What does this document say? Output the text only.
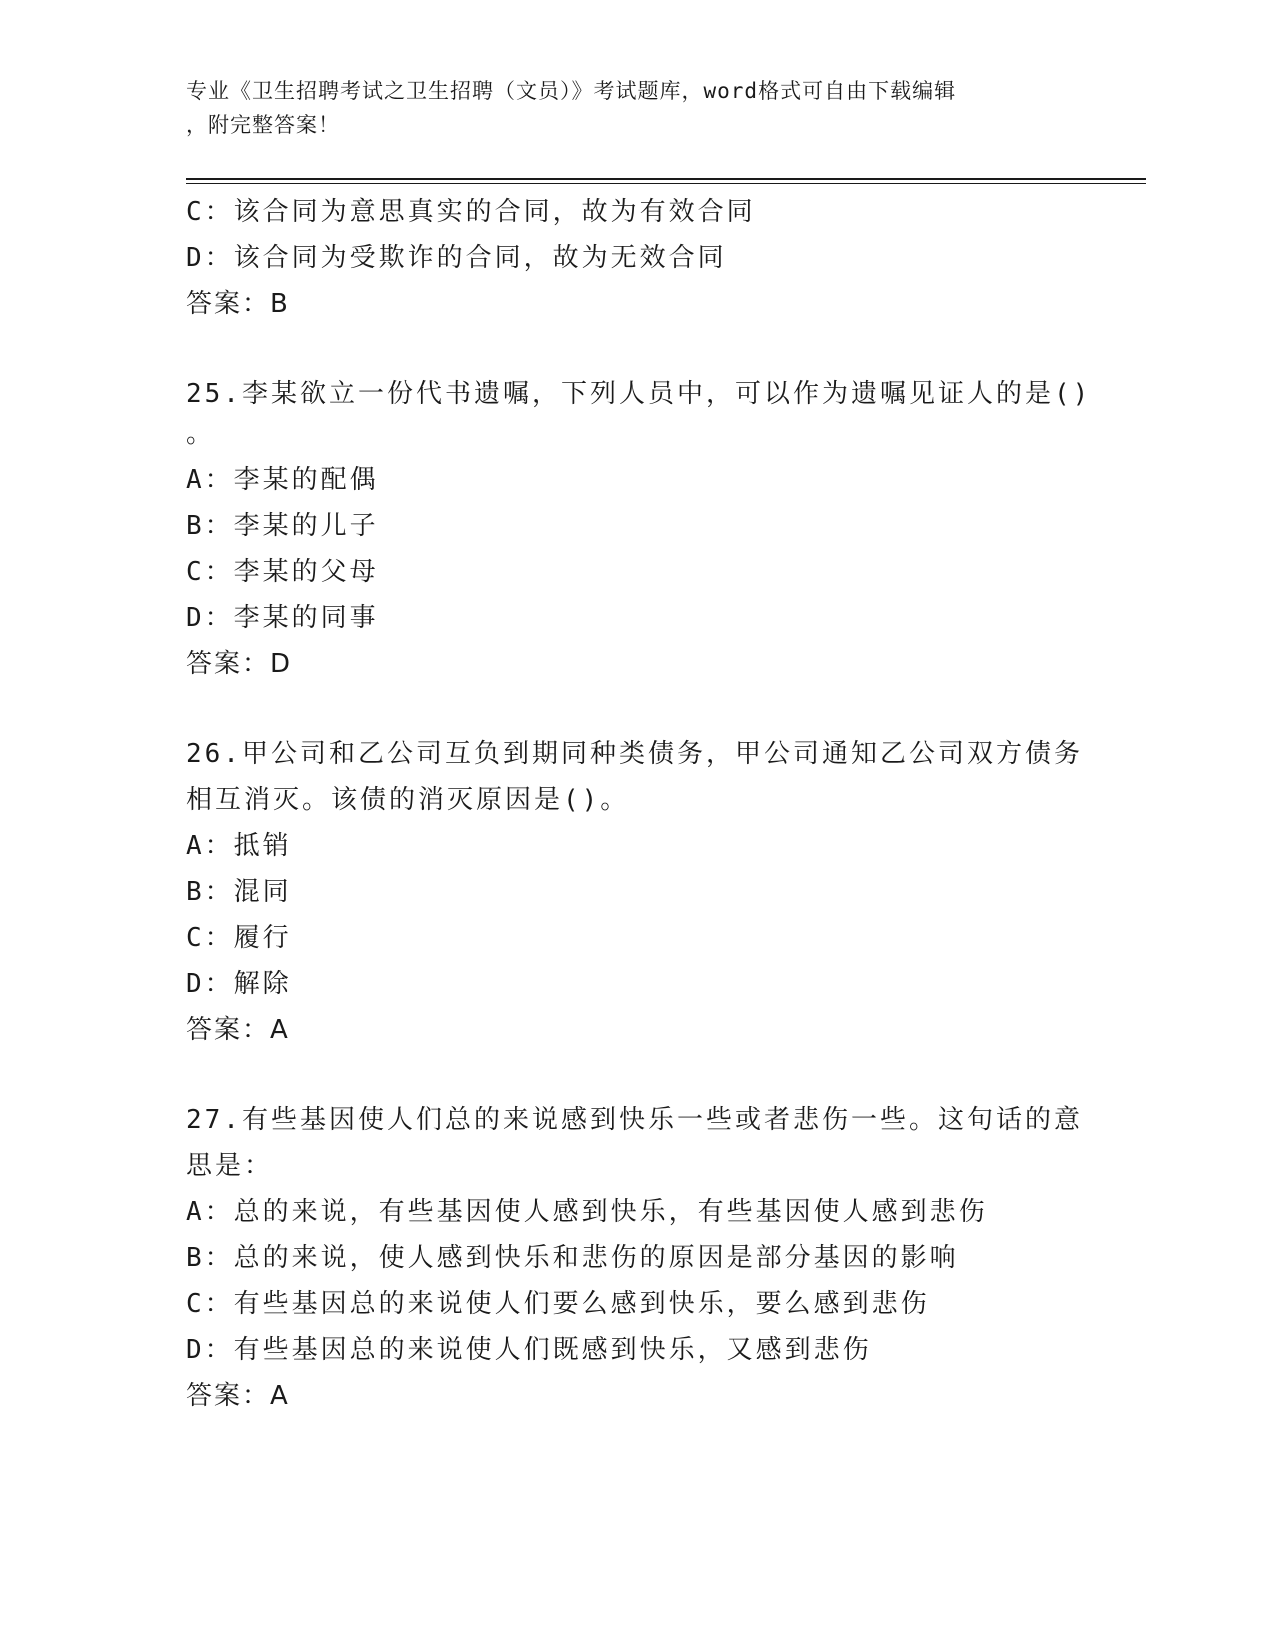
专业《卫生招聘考试之卫生招聘（文员）》考试题库，word格式可自由下载编辑
，附完整答案！
C：该合同为意思真实的合同，故为有效合同
D：该合同为受欺诈的合同，故为无效合同
答案：B
25.李某欲立一份代书遗嘱，下列人员中，可以作为遗嘱见证人的是()
。
A：李某的配偶
B：李某的儿子
C：李某的父母
D：李某的同事
答案：D
26.甲公司和乙公司互负到期同种类债务，甲公司通知乙公司双方债务
相互消灭。该债的消灭原因是()。
A：抵销
B：混同
C：履行
D：解除
答案：A
27.有些基因使人们总的来说感到快乐一些或者悲伤一些。这句话的意
思是：
A：总的来说，有些基因使人感到快乐，有些基因使人感到悲伤
B：总的来说，使人感到快乐和悲伤的原因是部分基因的影响
C：有些基因总的来说使人们要么感到快乐，要么感到悲伤
D：有些基因总的来说使人们既感到快乐，又感到悲伤
答案：A
